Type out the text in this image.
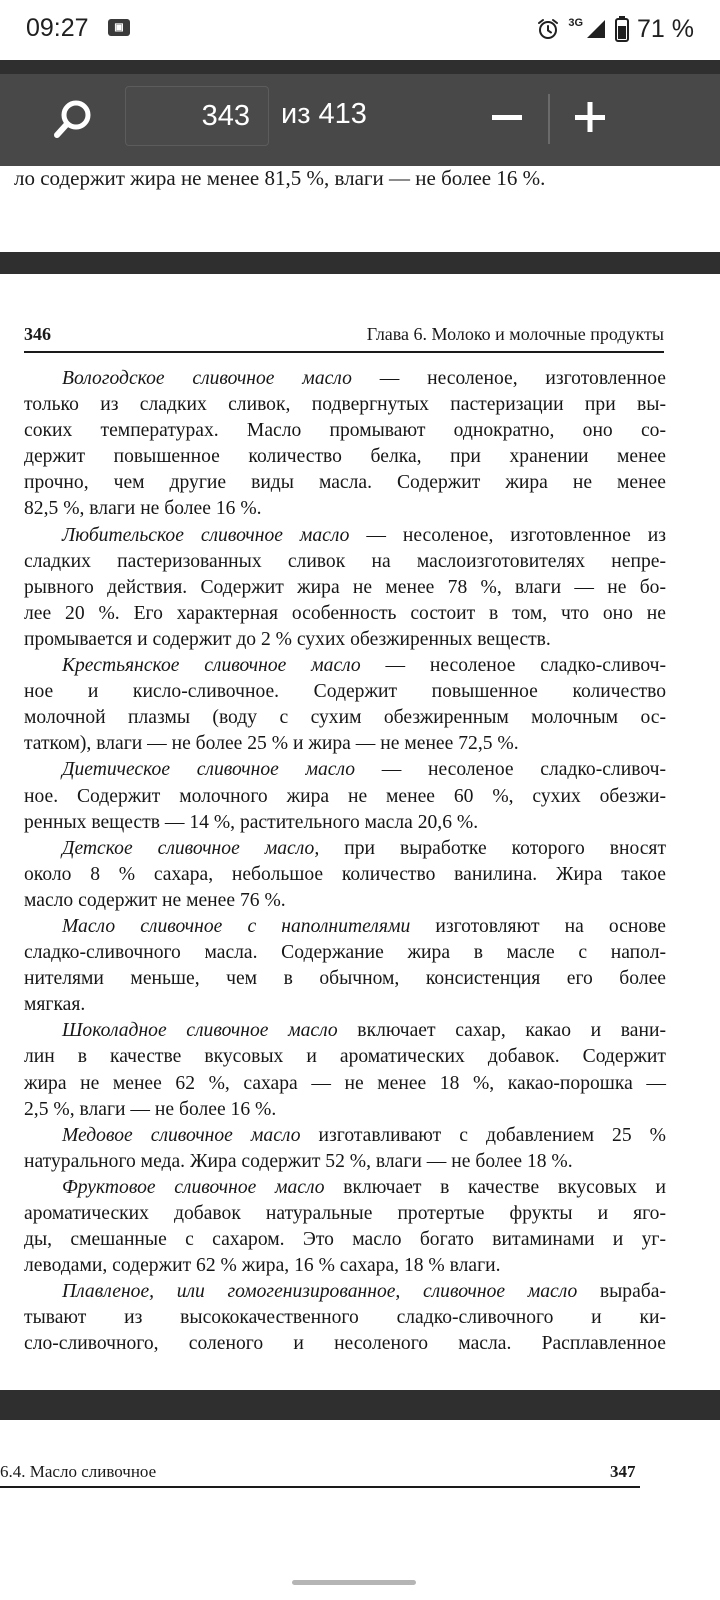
09:27	▣	3G 71 %
ло содержит жира не менее 81,5 %, влаги — не более 16 %.
343	из 413
346	Глава 6. Молоко и молочные продукты
Вологодское сливочное масло — несоленое, изготовленное
только из сладких сливок, подвергнутых пастеризации при вы-
соких температурах. Масло промывают однократно, оно со-
держит повышенное количество белка, при хранении менее
прочно, чем другие виды масла. Содержит жира не менее
82,5 %, влаги не более 16 %.
Любительское сливочное масло — несоленое, изготовленное из
сладких пастеризованных сливок на маслоизготовителях непре-
рывного действия. Содержит жира не менее 78 %, влаги — не бо-
лее 20 %. Его характерная особенность состоит в том, что оно не
промывается и содержит до 2 % сухих обезжиренных веществ.
Крестьянское сливочное масло — несоленое сладко-сливоч-
ное и кисло-сливочное. Содержит повышенное количество
молочной плазмы (воду с сухим обезжиренным молочным ос-
татком), влаги — не более 25 % и жира — не менее 72,5 %.
Диетическое сливочное масло — несоленое сладко-сливоч-
ное. Содержит молочного жира не менее 60 %, сухих обезжи-
ренных веществ — 14 %, растительного масла 20,6 %.
Детское сливочное масло, при выработке которого вносят
около 8 % сахара, небольшое количество ванилина. Жира такое
масло содержит не менее 76 %.
Масло сливочное с наполнителями изготовляют на основе
сладко-сливочного масла. Содержание жира в масле с напол-
нителями меньше, чем в обычном, консистенция его более
мягкая.
Шоколадное сливочное масло включает сахар, какао и вани-
лин в качестве вкусовых и ароматических добавок. Содержит
жира не менее 62 %, сахара — не менее 18 %, какао-порошка —
2,5 %, влаги — не более 16 %.
Медовое сливочное масло изготавливают с добавлением 25 %
натурального меда. Жира содержит 52 %, влаги — не более 18 %.
Фруктовое сливочное масло включает в качестве вкусовых и
ароматических добавок натуральные протертые фрукты и яго-
ды, смешанные с сахаром. Это масло богато витаминами и уг-
леводами, содержит 62 % жира, 16 % сахара, 18 % влаги.
Плавленое, или гомогенизированное, сливочное масло выраба-
тывают из высококачественного сладко-сливочного и ки-
сло-сливочного, соленого и несоленого масла. Расплавленное
6.4. Масло сливочное	347
